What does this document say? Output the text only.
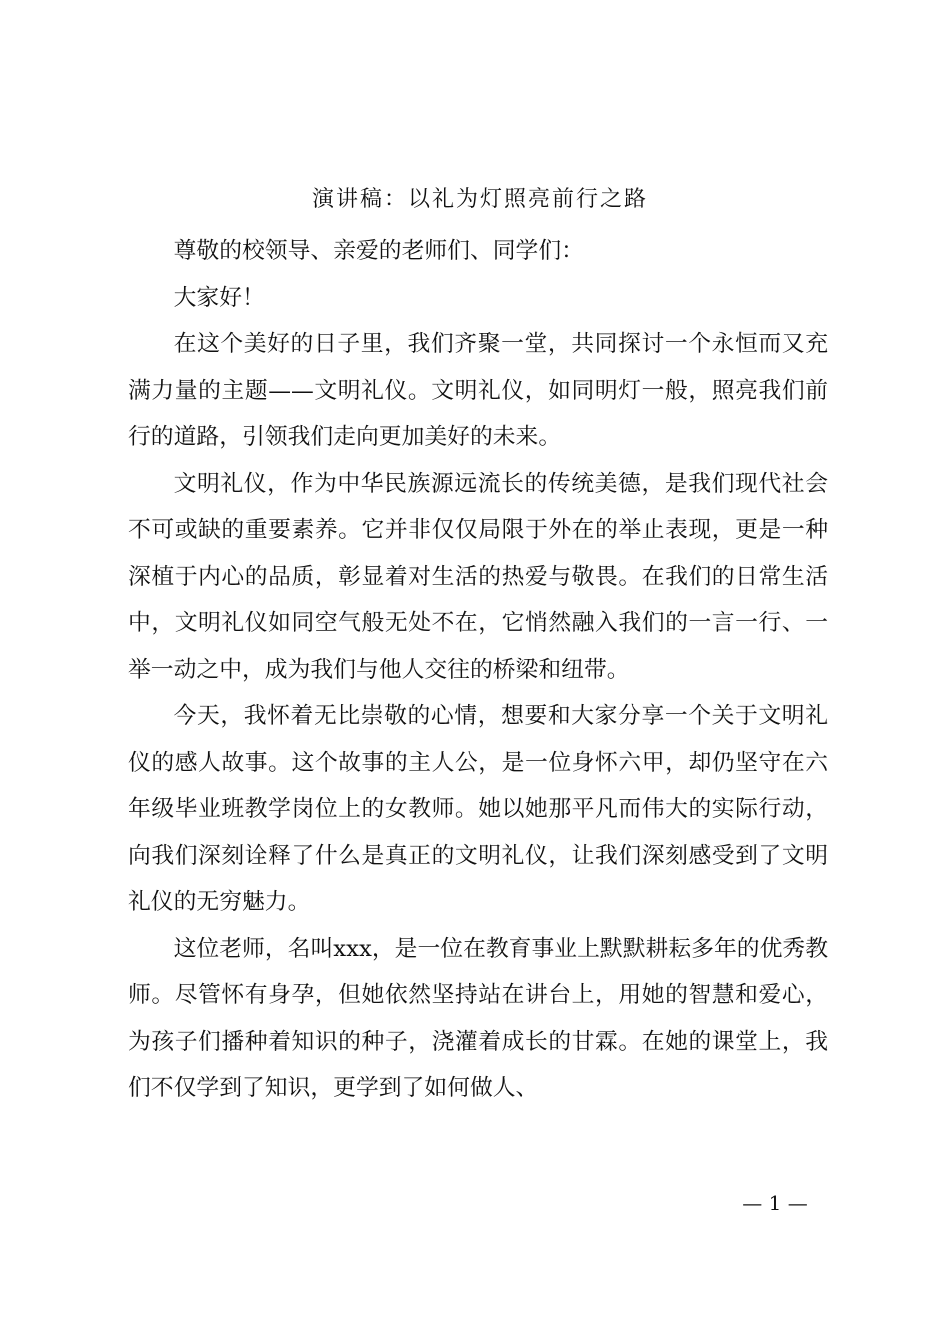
演讲稿：以礼为灯照亮前行之路

尊敬的校领导、亲爱的老师们、同学们：

大家好！

在这个美好的日子里，我们齐聚一堂，共同探讨一个永恒而又充满力量的主题——文明礼仪。文明礼仪，如同明灯一般，照亮我们前行的道路，引领我们走向更加美好的未来。

文明礼仪，作为中华民族源远流长的传统美德，是我们现代社会不可或缺的重要素养。它并非仅仅局限于外在的举止表现，更是一种深植于内心的品质，彰显着对生活的热爱与敬畏。在我们的日常生活中，文明礼仪如同空气般无处不在，它悄然融入我们的一言一行、一举一动之中，成为我们与他人交往的桥梁和纽带。

今天，我怀着无比崇敬的心情，想要和大家分享一个关于文明礼仪的感人故事。这个故事的主人公，是一位身怀六甲，却仍坚守在六年级毕业班教学岗位上的女教师。她以她那平凡而伟大的实际行动，向我们深刻诠释了什么是真正的文明礼仪，让我们深刻感受到了文明礼仪的无穷魅力。

这位老师，名叫xxx，是一位在教育事业上默默耕耘多年的优秀教师。尽管怀有身孕，但她依然坚持站在讲台上，用她的智慧和爱心，为孩子们播种着知识的种子，浇灌着成长的甘霖。在她的课堂上，我们不仅学到了知识，更学到了如何做人、

— 1 —
